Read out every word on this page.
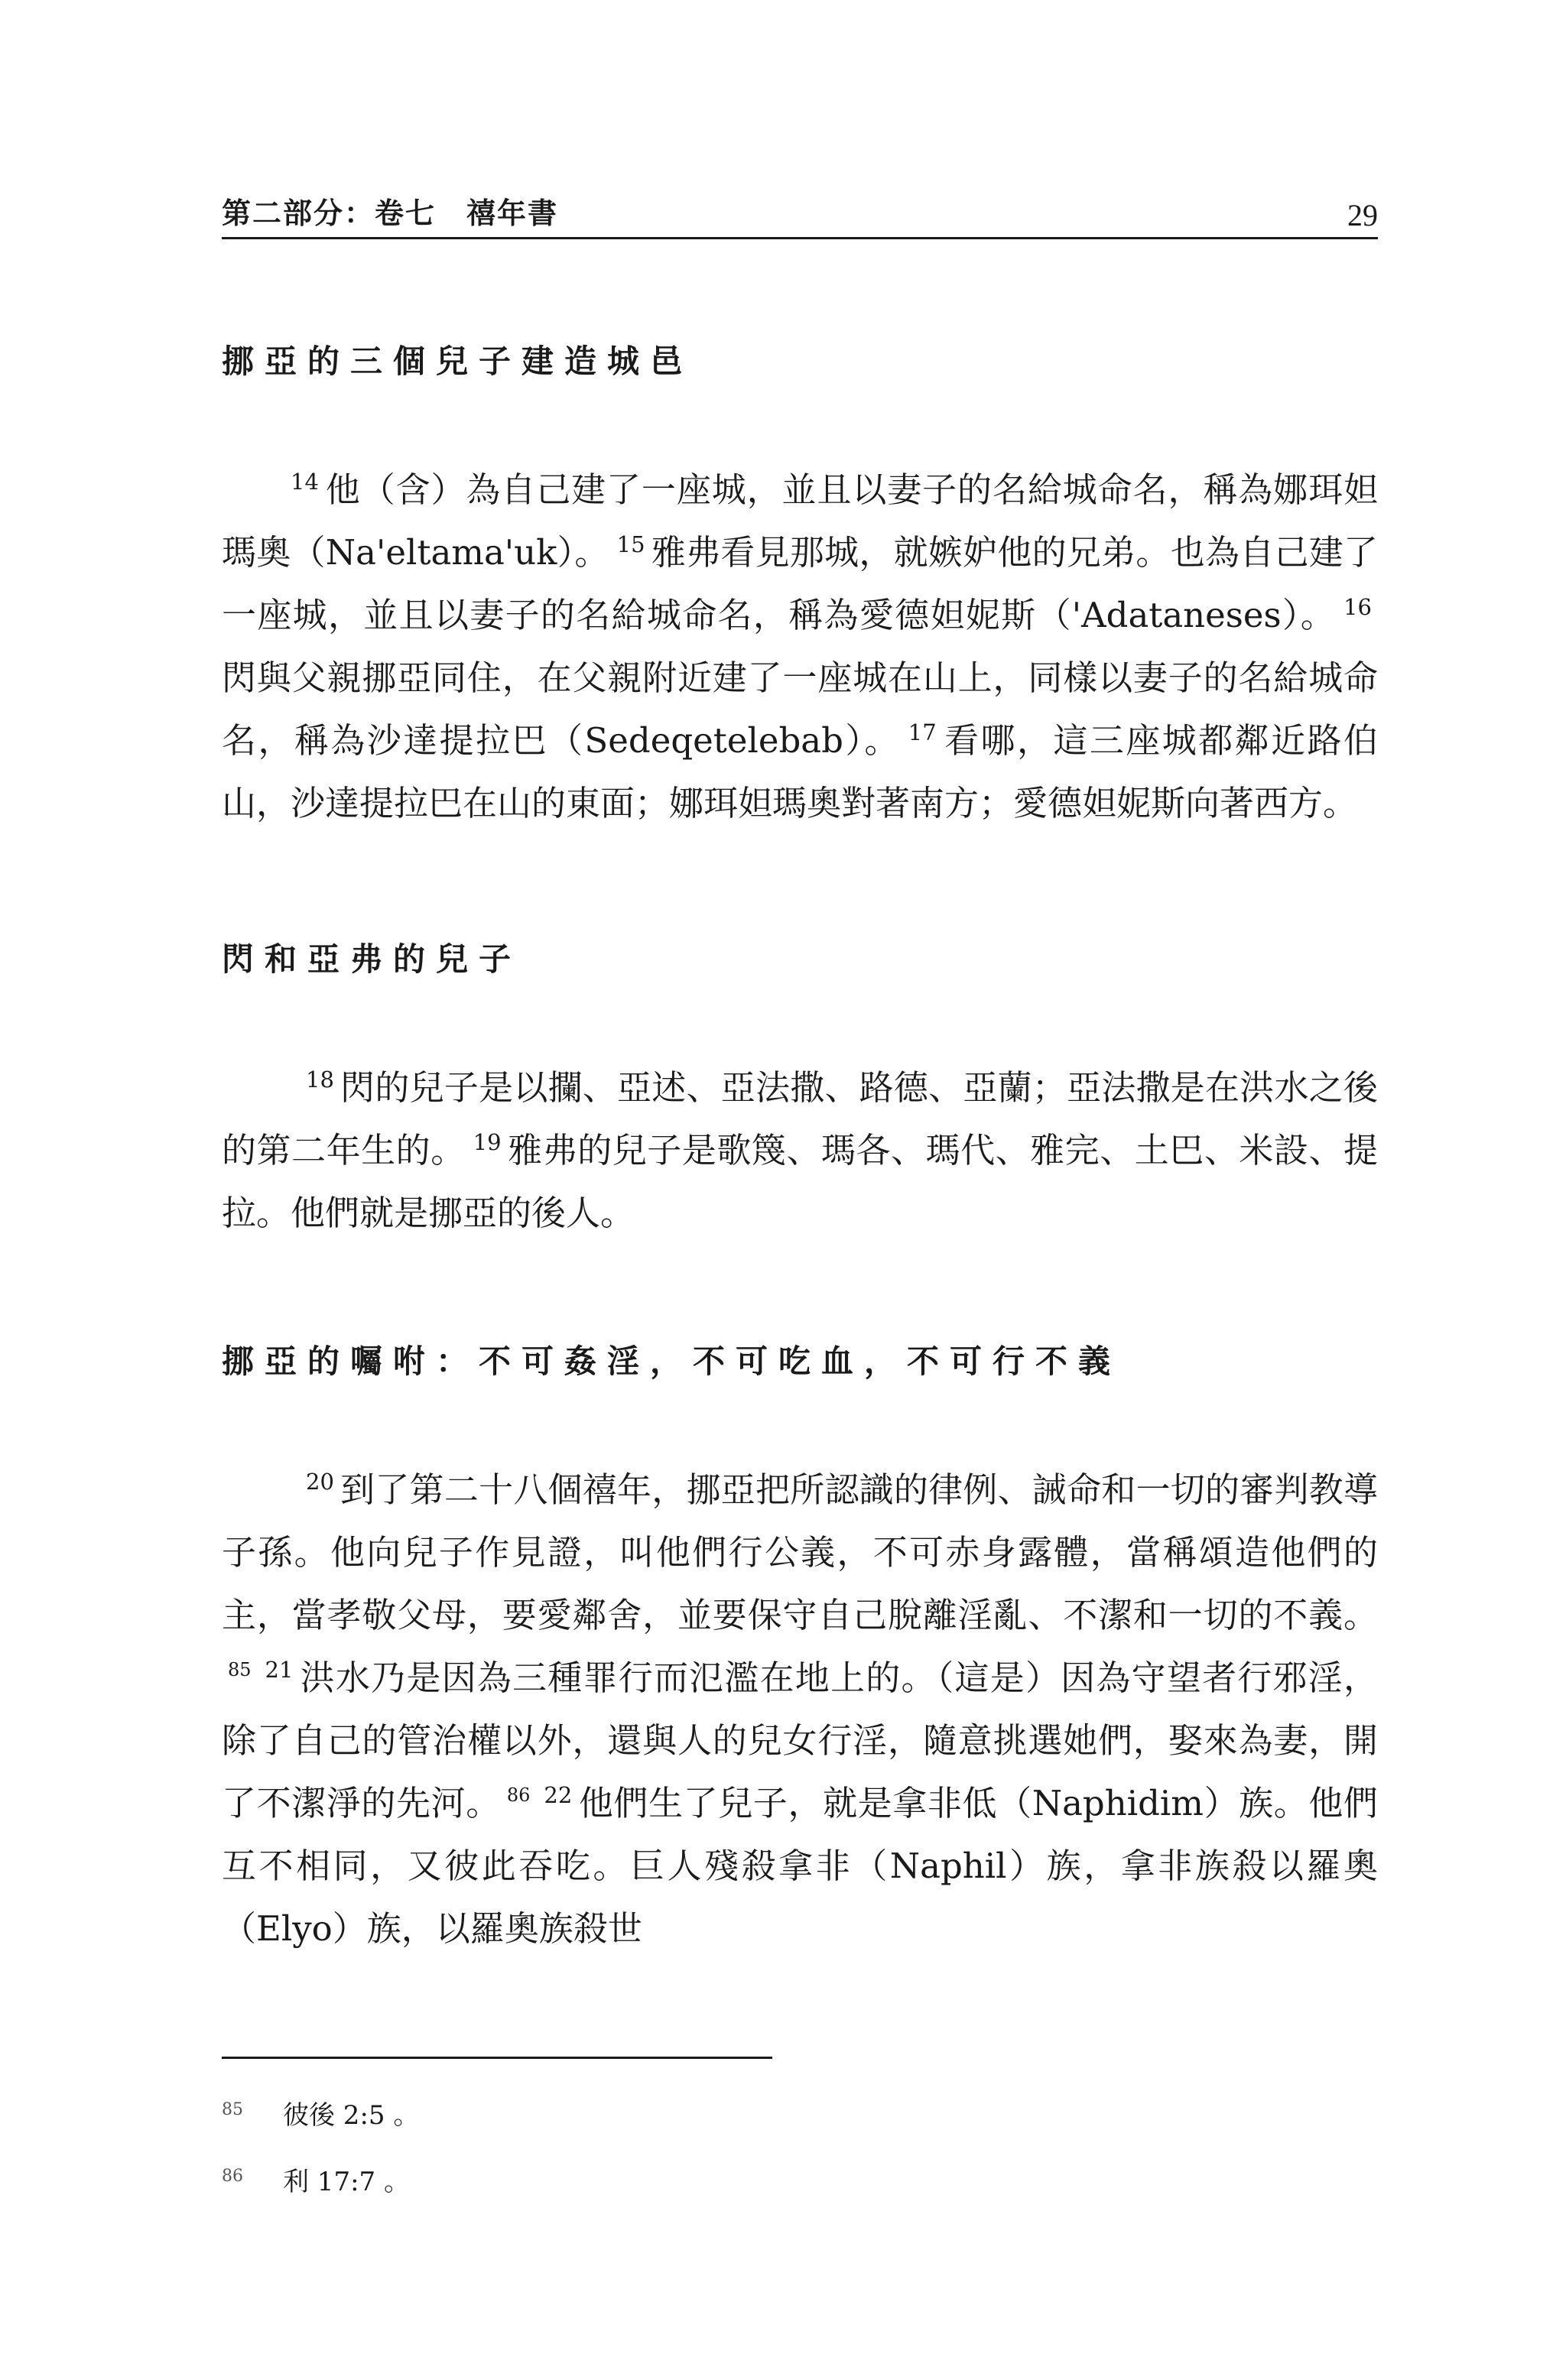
第二部分：卷七　禧年書	29
挪亞的三個兒子建造城邑

$^{14}$ 他（含）為自己建了一座城，並且以妻子的名給城命名，稱為娜珥妲瑪奧（Na'eltama'uk）。 $^{15}$ 雅弗看見那城，就嫉妒他的兄弟。也為自己建了一座城，並且以妻子的名給城命名，稱為愛德妲妮斯（'Adataneses）。 $^{16}$閃與父親挪亞同住，在父親附近建了一座城在山上，同樣以妻子的名給城命名，稱為沙達提拉巴（Sedeqetelebab）。 $^{17}$ 看哪，這三座城都鄰近路伯山，沙達提拉巴在山的東面；娜珥妲瑪奧對著南方；愛德妲妮斯向著西方。

閃和亞弗的兒子

$^{18}$ 閃的兒子是以攔、亞述、亞法撒、路德、亞蘭；亞法撒是在洪水之後的第二年生的。 $^{19}$ 雅弗的兒子是歌篾、瑪各、瑪代、雅完、土巴、米設、提拉。他們就是挪亞的後人。

挪亞的囑咐：不可姦淫，不可吃血，不可行不義

$^{20}$ 到了第二十八個禧年，挪亞把所認識的律例、誡命和一切的審判教導子孫。他向兒子作見證，叫他們行公義，不可赤身露體，當稱頌造他們的主，當孝敬父母，要愛鄰舍，並要保守自己脫離淫亂、不潔和一切的不義。$^{85}$ $^{21}$ 洪水乃是因為三種罪行而氾濫在地上的。（這是）因為守望者行邪淫，除了自己的管治權以外，還與人的兒女行淫，隨意挑選她們，娶來為妻，開了不潔淨的先河。 $^{86}$ $^{22}$ 他們生了兒子，就是拿非低（Naphidim）族。他們互不相同，又彼此吞吃。巨人殘殺拿非（Naphil）族，拿非族殺以羅奧（Elyo）族，以羅奧族殺世

85 彼後 2:5 。

86 利 17:7 。
